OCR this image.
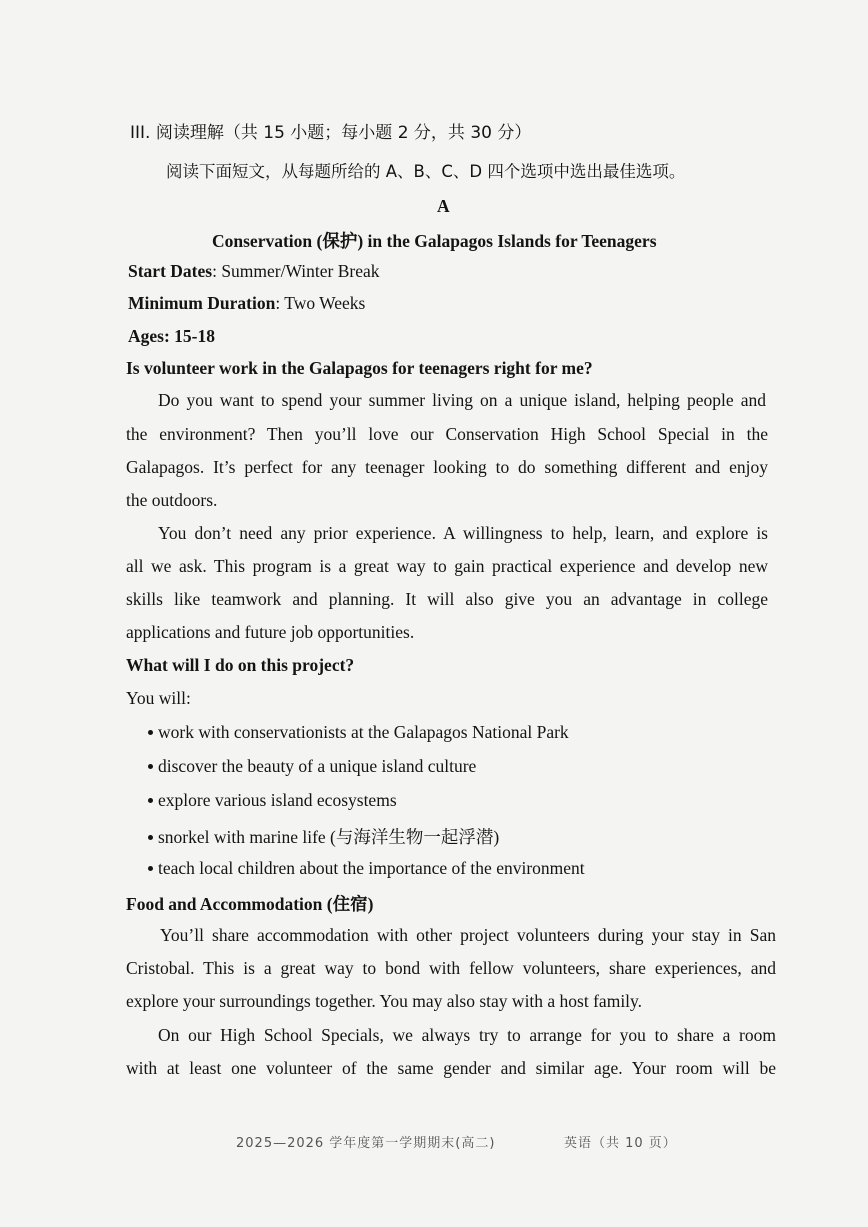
III. 阅读理解（共 15 小题；每小题 2 分，共 30 分）
阅读下面短文，从每题所给的 A、B、C、D 四个选项中选出最佳选项。
A
Conservation (保护) in the Galapagos Islands for Teenagers
Start Dates: Summer/Winter Break
Minimum Duration: Two Weeks
Ages: 15-18
Is volunteer work in the Galapagos for teenagers right for me?
Do you want to spend your summer living on a unique island, helping people and
the environment? Then you’ll love our Conservation High School Special in the
Galapagos. It’s perfect for any teenager looking to do something different and enjoy
the outdoors.
You don’t need any prior experience. A willingness to help, learn, and explore is
all we ask. This program is a great way to gain practical experience and develop new
skills like teamwork and planning. It will also give you an advantage in college
applications and future job opportunities.
What will I do on this project?
You will:
work with conservationists at the Galapagos National Park
discover the beauty of a unique island culture
explore various island ecosystems
snorkel with marine life (与海洋生物一起浮潜)
teach local children about the importance of the environment
Food and Accommodation (住宿)
You’ll share accommodation with other project volunteers during your stay in San
Cristobal. This is a great way to bond with fellow volunteers, share experiences, and
explore your surroundings together. You may also stay with a host family.
On our High School Specials, we always try to arrange for you to share a room
with at least one volunteer of the same gender and similar age. Your room will be
2025—2026 学年度第一学期期末(高二)	英语（共 10 页）
